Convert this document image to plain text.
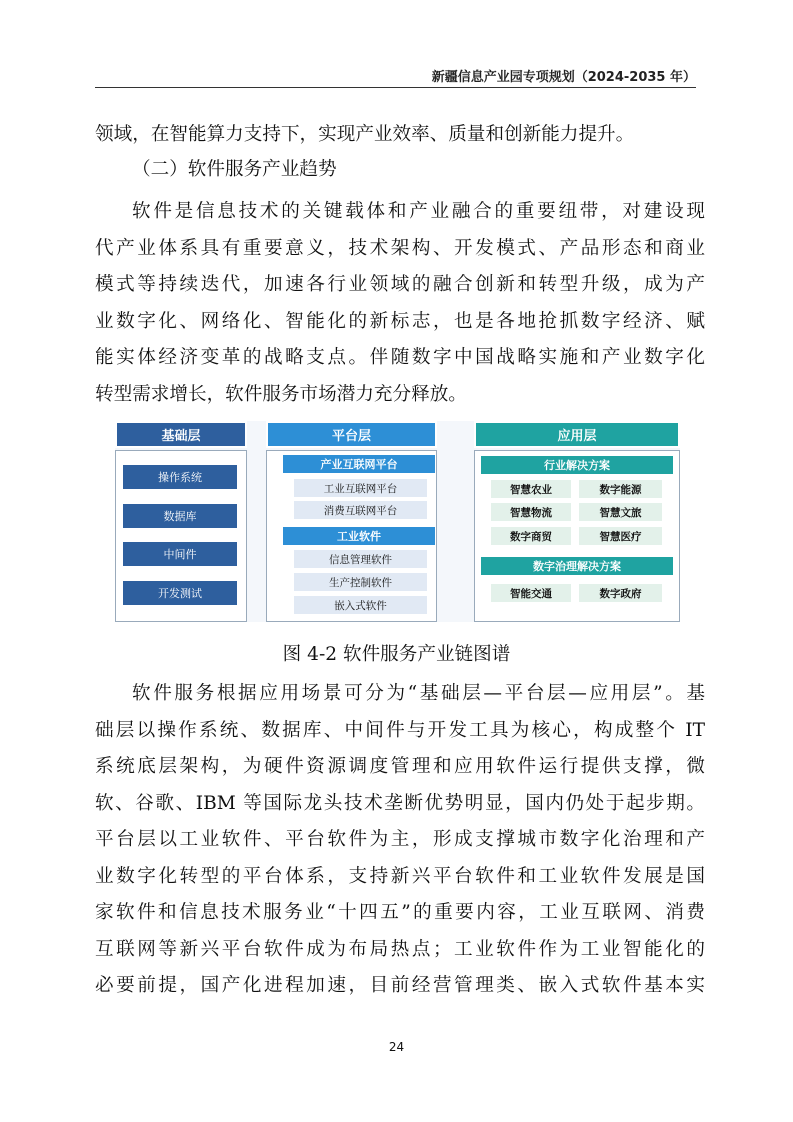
新疆信息产业园专项规划（2024-2035 年）
领域，在智能算力支持下，实现产业效率、质量和创新能力提升。
（二）软件服务产业趋势
软件是信息技术的关键载体和产业融合的重要纽带，对建设现
代产业体系具有重要意义，技术架构、开发模式、产品形态和商业
模式等持续迭代，加速各行业领域的融合创新和转型升级，成为产
业数字化、网络化、智能化的新标志，也是各地抢抓数字经济、赋
能实体经济变革的战略支点。伴随数字中国战略实施和产业数字化
转型需求增长，软件服务市场潜力充分释放。
基础层
操作系统
数据库
中间件
开发测试
平台层
产业互联网平台
工业互联网平台
消费互联网平台
工业软件
信息管理软件
生产控制软件
嵌入式软件
应用层
行业解决方案
智慧农业	数字能源
智慧物流	智慧文旅
数字商贸	智慧医疗
数字治理解决方案
智能交通	数字政府
图 4-2 软件服务产业链图谱
软件服务根据应用场景可分为“基础层—平台层—应用层”。基
础层以操作系统、数据库、中间件与开发工具为核心，构成整个 IT
系统底层架构，为硬件资源调度管理和应用软件运行提供支撑，微
软、谷歌、IBM 等国际龙头技术垄断优势明显，国内仍处于起步期。
平台层以工业软件、平台软件为主，形成支撑城市数字化治理和产
业数字化转型的平台体系，支持新兴平台软件和工业软件发展是国
家软件和信息技术服务业“十四五”的重要内容，工业互联网、消费
互联网等新兴平台软件成为布局热点；工业软件作为工业智能化的
必要前提，国产化进程加速，目前经营管理类、嵌入式软件基本实
24
